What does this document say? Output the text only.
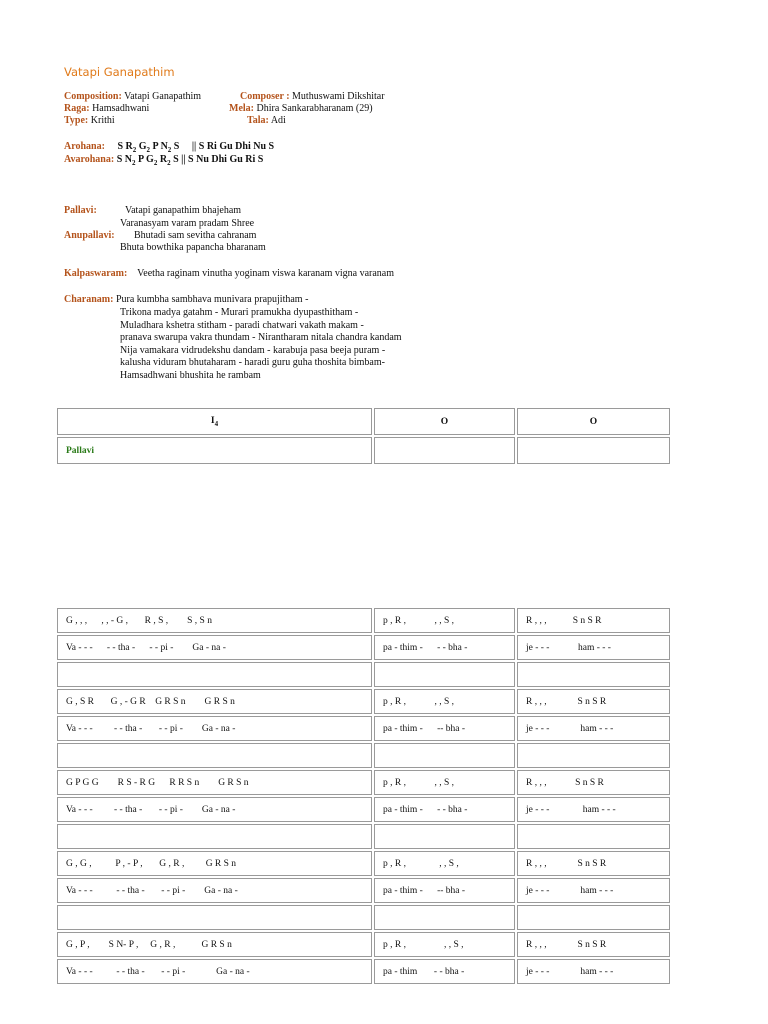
Vatapi Ganapathim
Composition: Vatapi Ganapathim	Composer : Muthuswami Dikshitar
Raga: Hamsadhwani	Mela: Dhira Sankarabharanam (29)
Type: Krithi	Tala: Adi
Arohana: S $R_2$ $G_2$ P $N_2$ S || S Ri Gu Dhi Nu S
Avarohana: S $N_2$ P $G_2$ $R_2$ S || S Nu Dhi Gu Ri S
Pallavi:	Vatapi ganapathim bhajeham
Varanasyam varam pradam Shree
Anupallavi: Bhutadi sam sevitha cahranam
Bhuta bowthika papancha bharanam
Kalpaswaram: Veetha raginam vinutha yoginam viswa karanam vigna varanam
Charanam: Pura kumbha sambhava munivara prapujitham -
Trikona madya gatahm - Murari pramukha dyupasthitham -
Muladhara kshetra stitham - paradi chatwari vakath makam -
pranava swarupa vakra thundam - Nirantharam nitala chandra kandam
Nija vamakara vidrudekshu dandam - karabuja pasa beeja puram -
kalusha viduram bhutaharam - haradi guru guha thoshita bimbam-
Hamsadhwani bhushita he rambam
$I_4$	O	O
Pallavi		
G , , ,      , , - G ,       R , S ,        S , S n	p , R ,            , , S ,	R , , ,           S n S R
Va - - -      - - tha -      - - pi -        Ga - na -	pa - thim -      - - bha -	je - - -            ham - - -

G , S R       G , - G R    G R S n        G R S n	p , R ,            , , S ,	R , , ,             S n S R
Va - - -         - - tha -       - - pi -        Ga - na -	pa - thim -      -- bha -	je - - -             ham - - -

G P G G        R S - R G      R R S n        G R S n	p , R ,            , , S ,	R , , ,            S n S R
Va - - -         - - tha -       - - pi -        Ga - na -	pa - thim -      - - bha -	je - - -              ham - - -

G , G ,          P , - P ,       G , R ,         G R S n	p , R ,              , , S ,	R , , ,             S n S R
Va - - -          - - tha -       - - pi -        Ga - na -	pa - thim -      -- bha -	je - - -             ham - - -

G , P ,        S N- P ,     G , R ,           G R S n	p , R ,                , , S ,	R , , ,             S n S R
Va - - -          - - tha -       - - pi -             Ga - na -	pa - thim       - - bha -	je - - -             ham - - -
